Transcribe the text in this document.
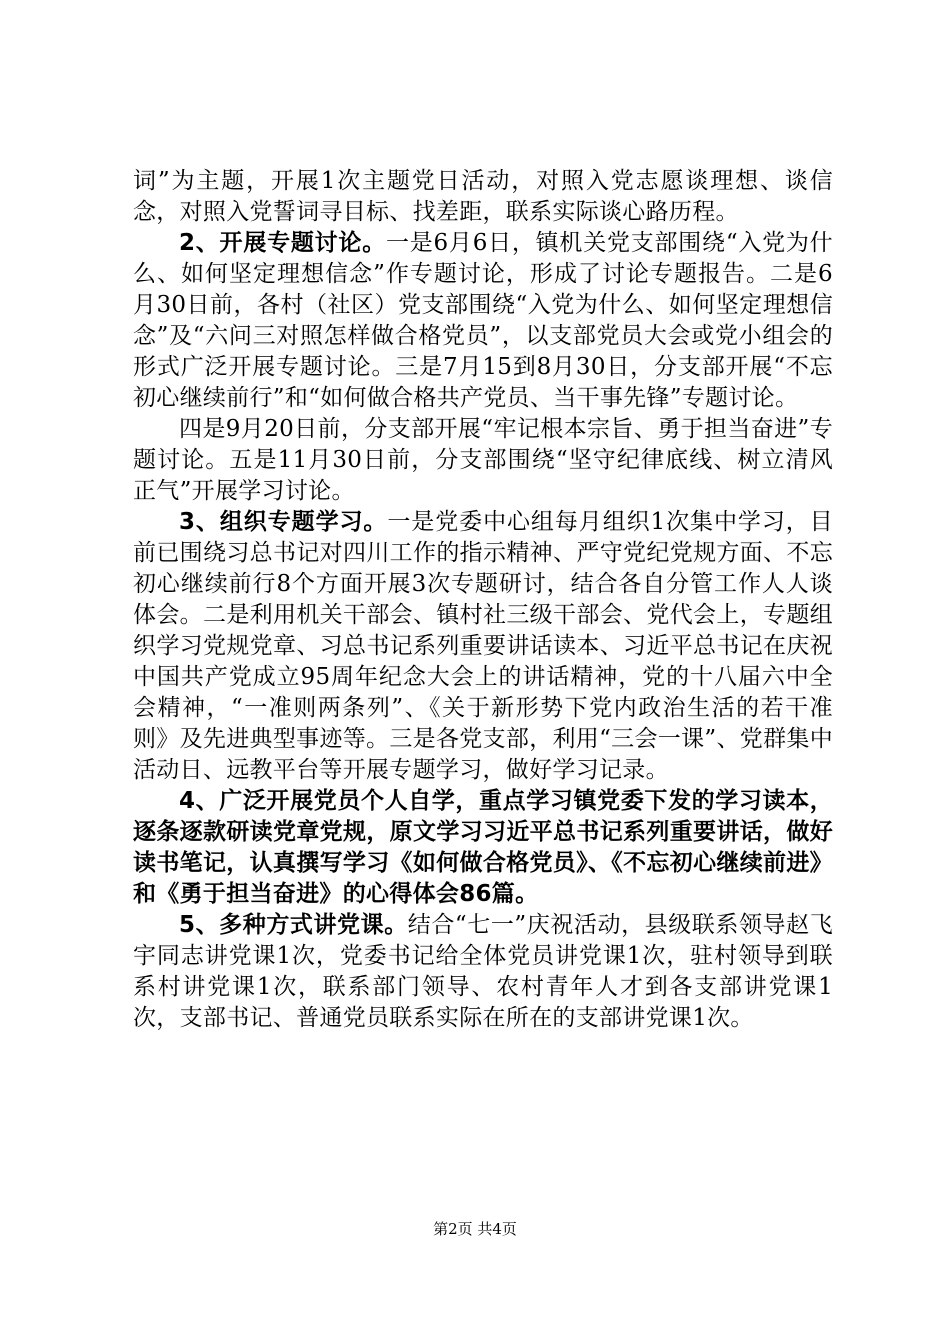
词”为主题，开展1次主题党日活动，对照入党志愿谈理想、谈信念，对照入党誓词寻目标、找差距，联系实际谈心路历程。

2、开展专题讨论。一是6月6日，镇机关党支部围绕“入党为什么、如何坚定理想信念”作专题讨论，形成了讨论专题报告。二是6月30日前，各村（社区）党支部围绕“入党为什么、如何坚定理想信念”及“六问三对照怎样做合格党员”，以支部党员大会或党小组会的形式广泛开展专题讨论。三是7月15到8月30日，分支部开展“不忘初心继续前行”和“如何做合格共产党员、当干事先锋”专题讨论。

四是9月20日前，分支部开展“牢记根本宗旨、勇于担当奋进”专题讨论。五是11月30日前，分支部围绕“坚守纪律底线、树立清风正气”开展学习讨论。

3、组织专题学习。一是党委中心组每月组织1次集中学习，目前已围绕习总书记对四川工作的指示精神、严守党纪党规方面、不忘初心继续前行8个方面开展3次专题研讨，结合各自分管工作人人谈体会。二是利用机关干部会、镇村社三级干部会、党代会上，专题组织学习党规党章、习总书记系列重要讲话读本、习近平总书记在庆祝中国共产党成立95周年纪念大会上的讲话精神，党的十八届六中全会精神，“一准则两条列”、《关于新形势下党内政治生活的若干准则》及先进典型事迹等。三是各党支部，利用“三会一课”、党群集中活动日、远教平台等开展专题学习，做好学习记录。

4、广泛开展党员个人自学，重点学习镇党委下发的学习读本，逐条逐款研读党章党规，原文学习习近平总书记系列重要讲话，做好读书笔记，认真撰写学习《如何做合格党员》、《不忘初心继续前进》和《勇于担当奋进》的心得体会86篇。

5、多种方式讲党课。结合“七一”庆祝活动，县级联系领导赵飞宇同志讲党课1次，党委书记给全体党员讲党课1次，驻村领导到联系村讲党课1次，联系部门领导、农村青年人才到各支部讲党课1次，支部书记、普通党员联系实际在所在的支部讲党课1次。

第2页 共4页
